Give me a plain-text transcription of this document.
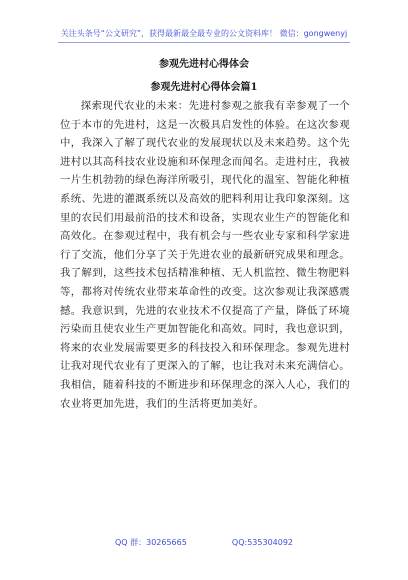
关注头条号“公文研究”，获得最新最全最专业的公文资料库！ 微信：gongwenyj
参观先进村心得体会
参观先进村心得体会篇1

探索现代农业的未来：先进村参观之旅我有幸参观了一个位于本市的先进村，这是一次极具启发性的体验。在这次参观中，我深入了解了现代农业的发展现状以及未来趋势。这个先进村以其高科技农业设施和环保理念而闻名。走进村庄，我被一片生机勃勃的绿色海洋所吸引，现代化的温室、智能化种植系统、先进的灌溉系统以及高效的肥料利用让我印象深刻。这里的农民们用最前沿的技术和设备，实现农业生产的智能化和高效化。在参观过程中，我有机会与一些农业专家和科学家进行了交流，他们分享了关于先进农业的最新研究成果和理念。我了解到，这些技术包括精准种植、无人机监控、微生物肥料等，都将对传统农业带来革命性的改变。这次参观让我深感震撼。我意识到，先进的农业技术不仅提高了产量，降低了环境污染而且使农业生产更加智能化和高效。同时，我也意识到，将来的农业发展需要更多的科技投入和环保理念。参观先进村让我对现代农业有了更深入的了解，也让我对未来充满信心。我相信，随着科技的不断进步和环保理念的深入人心，我们的农业将更加先进，我们的生活将更加美好。

QQ 群：30265665	QQ:535304092
